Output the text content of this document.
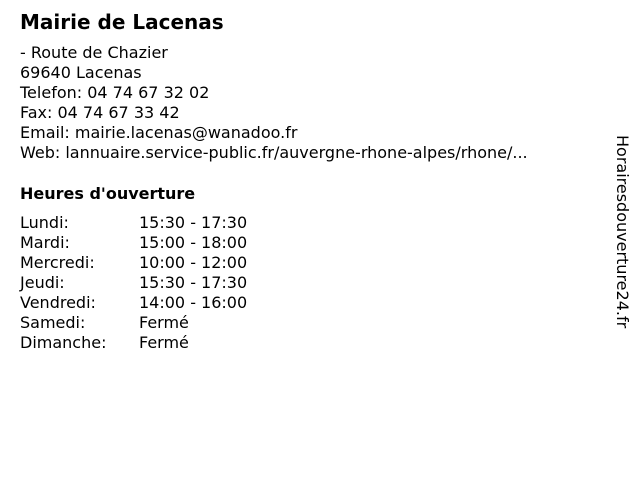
Mairie de Lacenas
- Route de Chazier
69640 Lacenas
Telefon: 04 74 67 32 02
Fax: 04 74 67 33 42
Email: mairie.lacenas@wanadoo.fr
Web: lannuaire.service-public.fr/auvergne-rhone-alpes/rhone/...
Heures d'ouverture
Lundi:	15:30 - 17:30
Mardi:	15:00 - 18:00
Mercredi:	10:00 - 12:00
Jeudi:	15:30 - 17:30
Vendredi:	14:00 - 16:00
Samedi:	Fermé
Dimanche:	Fermé
Horairesdouverture24.fr
